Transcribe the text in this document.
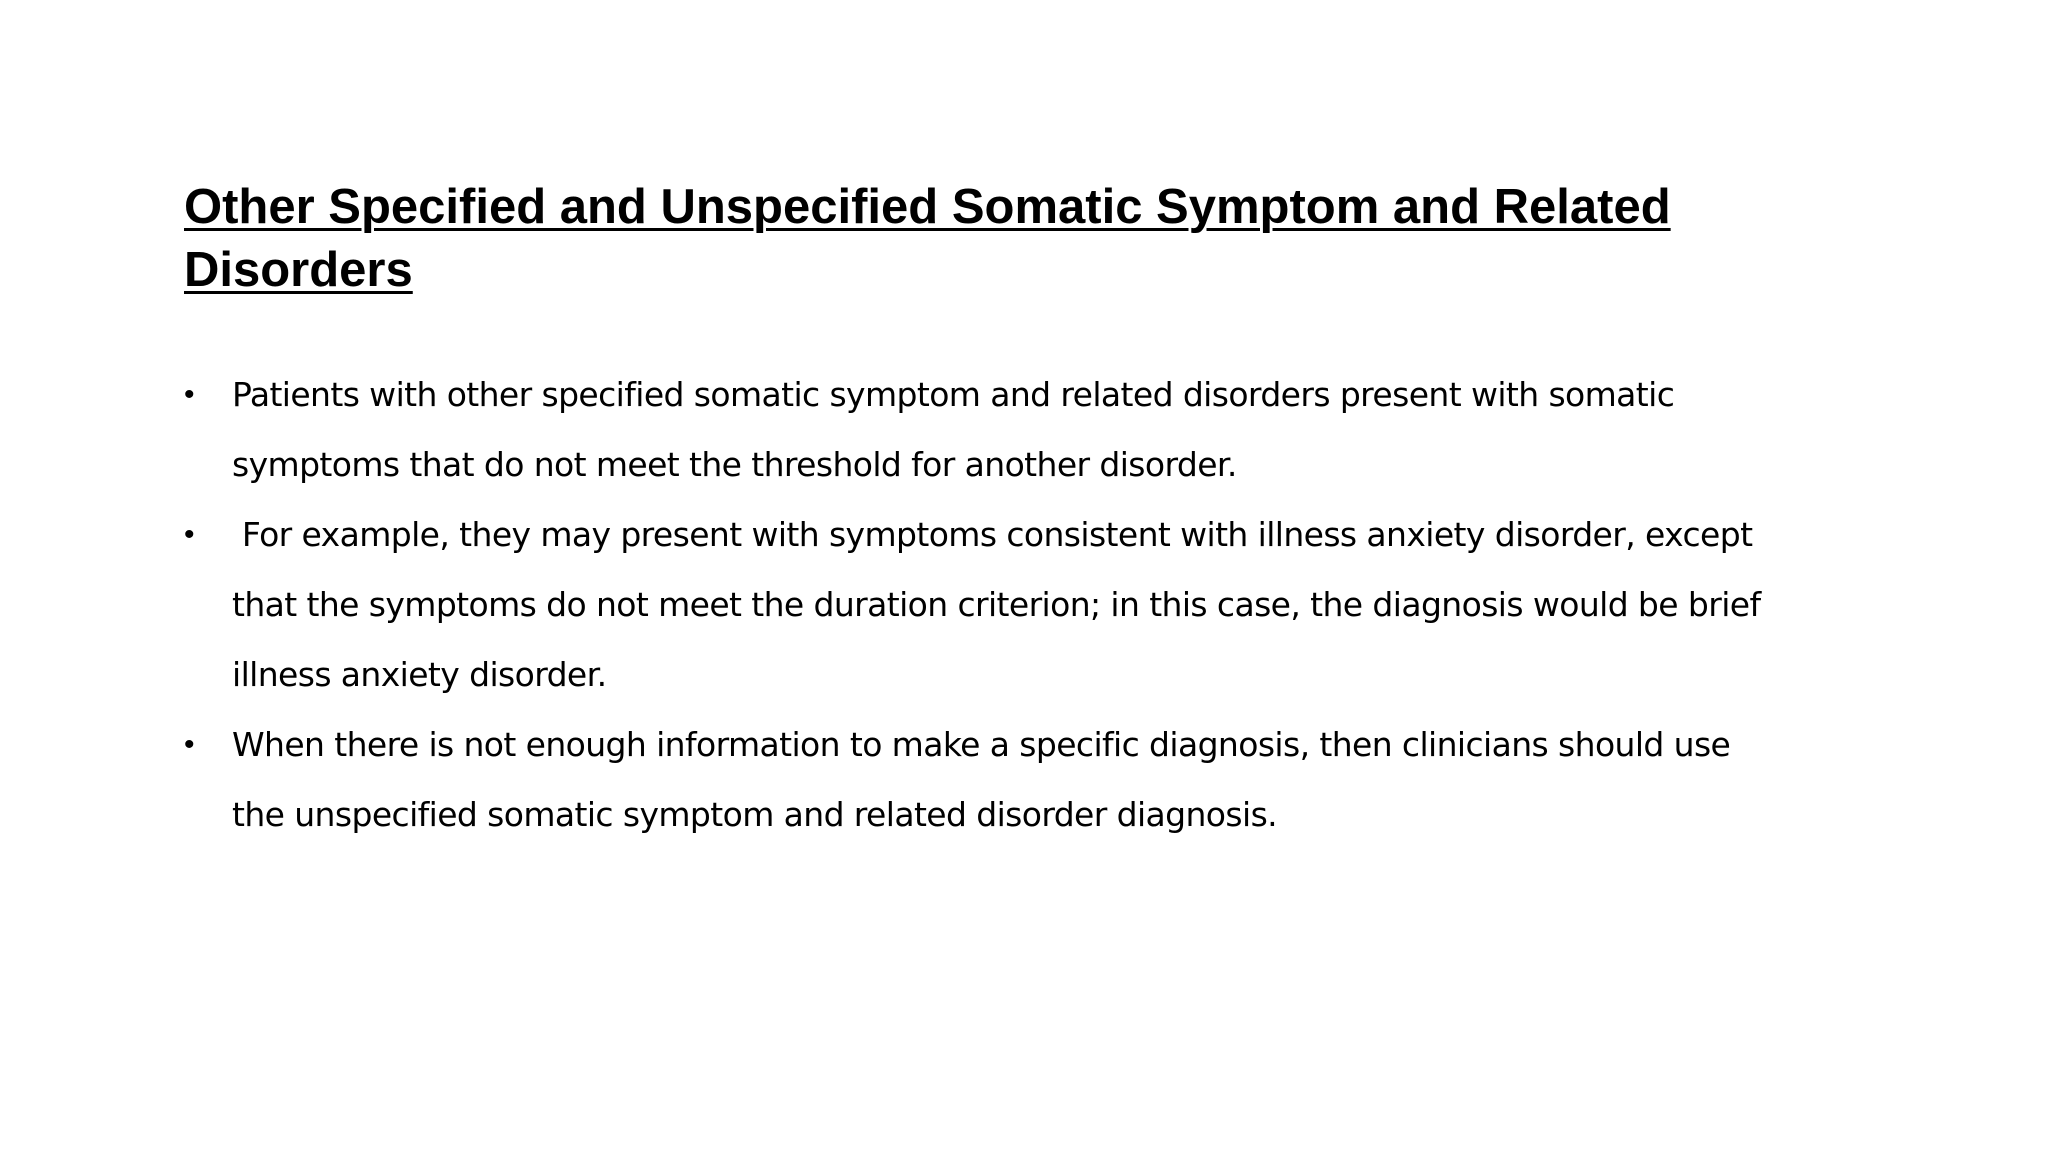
Other Specified and Unspecified Somatic Symptom and Related Disorders
• Patients with other specified somatic symptom and related disorders present with somatic symptoms that do not meet the threshold for another disorder.
• For example, they may present with symptoms consistent with illness anxiety disorder, except that the symptoms do not meet the duration criterion; in this case, the diagnosis would be brief illness anxiety disorder.
• When there is not enough information to make a specific diagnosis, then clinicians should use the unspecified somatic symptom and related disorder diagnosis.
